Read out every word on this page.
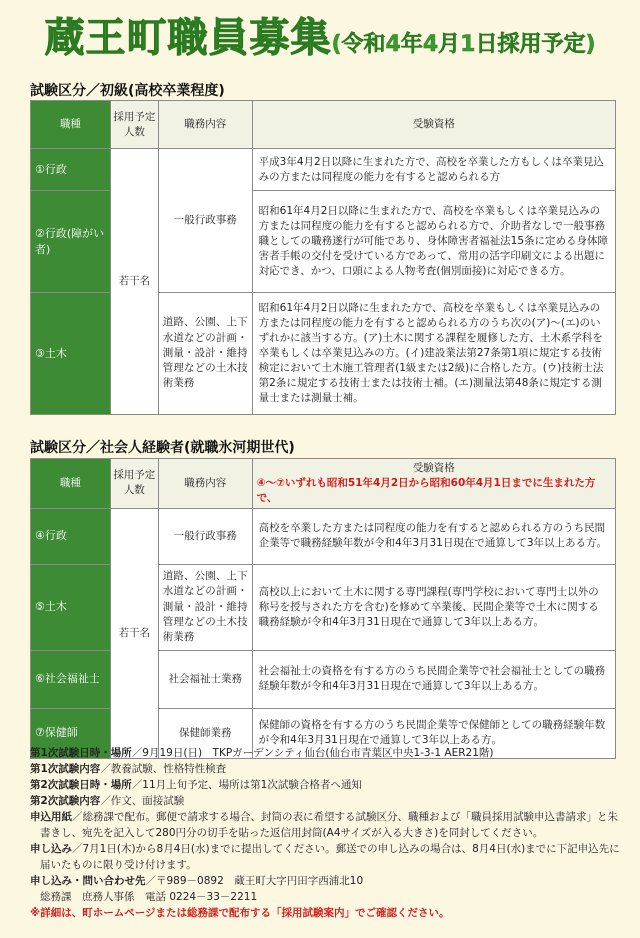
蔵王町職員募集(令和4年4月1日採用予定)
試験区分／初級(高校卒業程度)
職種	採用予定人数	職務内容	受験資格
①行政	若干名	一般行政事務	平成3年4月2日以降に生まれた方で、高校を卒業した方もしくは卒業見込みの方または同程度の能力を有すると認められる方
②行政(障がい者)			昭和61年4月2日以降に生まれた方で、高校を卒業もしくは卒業見込みの方または同程度の能力を有すると認められる方で、介助者なしで一般事務職としての職務遂行が可能であり、身体障害者福祉法15条に定める身体障害者手帳の交付を受けている方であって、常用の活字印刷文による出題に対応でき、かつ、口頭による人物考査(個別面接)に対応できる方。
③土木		道路、公園、上下水道などの計画・測量・設計・維持管理などの土木技術業務	昭和61年4月2日以降に生まれた方で、高校を卒業もしくは卒業見込みの方または同程度の能力を有すると認められる方のうち次の(ア)～(エ)のいずれかに該当する方。(ア)土木に関する課程を履修した方、土木系学科を卒業もしくは卒業見込みの方。(イ)建設業法第27条第1項に規定する技術検定において土木施工管理者(1級または2級)に合格した方。(ウ)技術士法第2条に規定する技術士または技術士補。(エ)測量法第48条に規定する測量士または測量士補。
試験区分／社会人経験者(就職氷河期世代)
職種	採用予定人数	職務内容	受験資格
④～⑦いずれも昭和51年4月2日から昭和60年4月1日までに生まれた方で、

④行政	若干名	一般行政事務	高校を卒業した方または同程度の能力を有すると認められる方のうち民間企業等で職務経験年数が令和4年3月31日現在で通算して3年以上ある方。
⑤土木		道路、公園、上下水道などの計画・測量・設計・維持管理などの土木技術業務	高校以上において土木に関する専門課程(専門学校において専門士以外の称号を授与された方を含む)を修めて卒業後、民間企業等で土木に関する職務経験が令和4年3月31日現在で通算して3年以上ある方。
⑥社会福祉士		社会福祉士業務	社会福祉士の資格を有する方のうち民間企業等で社会福祉士としての職務経験年数が令和4年3月31日現在で通算して3年以上ある方。
⑦保健師		保健師業務	保健師の資格を有する方のうち民間企業等で保健師としての職務経験年数が令和4年3月31日現在で通算して3年以上ある方。
第1次試験日時・場所／9月19日(日)　TKPガーデンシティ仙台(仙台市青葉区中央1-3-1 AER21階)
第1次試験内容／教養試験、性格特性検査
第2次試験日時・場所／11月上旬予定、場所は第1次試験合格者へ通知
第2次試験内容／作文、面接試験
申込用紙／総務課で配布。郵便で請求する場合、封筒の表に希望する試験区分、職種および「職員採用試験申込書請求」と朱書きし、宛先を記入して280円分の切手を貼った返信用封筒(A4サイズが入る大きさ)を同封してください。
申し込み／7月1日(木)から8月4日(水)までに提出してください。郵送での申し込みの場合は、8月4日(水)までに下記申込先に届いたものに限り受け付けます。
申し込み・問い合わせ先／〒989－0892　蔵王町大字円田字西浦北10
総務課　庶務人事係　電話 0224－33－2211
※詳細は、町ホームページまたは総務課で配布する「採用試験案内」でご確認ください。
